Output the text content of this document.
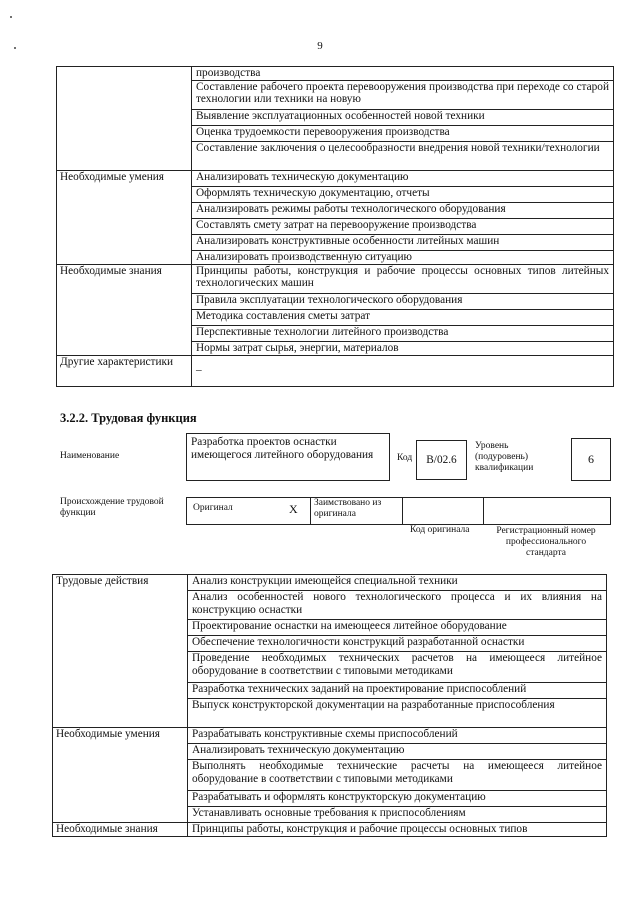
9
	производства
	Составление рабочего проекта перевооружения производства при переходе со старой технологии или техники на новую
	Выявление эксплуатационных особенностей новой техники
	Оценка трудоемкости перевооружения производства
	Составление заключения о целесообразности внедрения новой техники/технологии
Необходимые умения	Анализировать техническую документацию
	Оформлять техническую документацию, отчеты
	Анализировать режимы работы технологического оборудования
	Составлять смету затрат на перевооружение производства
	Анализировать конструктивные особенности литейных машин
	Анализировать производственную ситуацию
Необходимые знания	Принципы работы, конструкция и рабочие процессы основных типов литейных технологических машин
	Правила эксплуатации технологического оборудования
	Методика составления сметы затрат
	Перспективные технологии литейного производства
	Нормы затрат сырья, энергии, материалов
Другие характеристики	–
3.2.2. Трудовая функция
Наименование
Разработка проектов оснастки имеющегося литейного оборудования	Код	B/02.6
Уровень (подуровень) квалификации
6
Происхождение трудовой функции	Оригинал	X Заимствовано из оригинала
Код оригинала	Регистрационный номер профессионального стандарта
Трудовые действия	Анализ конструкции имеющейся специальной техники
	Анализ особенностей нового технологического процесса и их влияния на конструкцию оснастки
	Проектирование оснастки на имеющееся литейное оборудование
	Обеспечение технологичности конструкций разработанной оснастки
	Проведение необходимых технических расчетов на имеющееся литейное оборудование в соответствии с типовыми методиками
	Разработка технических заданий на проектирование приспособлений
	Выпуск конструкторской документации на разработанные приспособления
Необходимые умения	Разрабатывать конструктивные схемы приспособлений
	Анализировать техническую документацию
	Выполнять необходимые технические расчеты на имеющееся литейное оборудование в соответствии с типовыми методиками
	Разрабатывать и оформлять конструкторскую документацию
	Устанавливать основные требования к приспособлениям
Необходимые знания	Принципы работы, конструкция и рабочие процессы основных типов
